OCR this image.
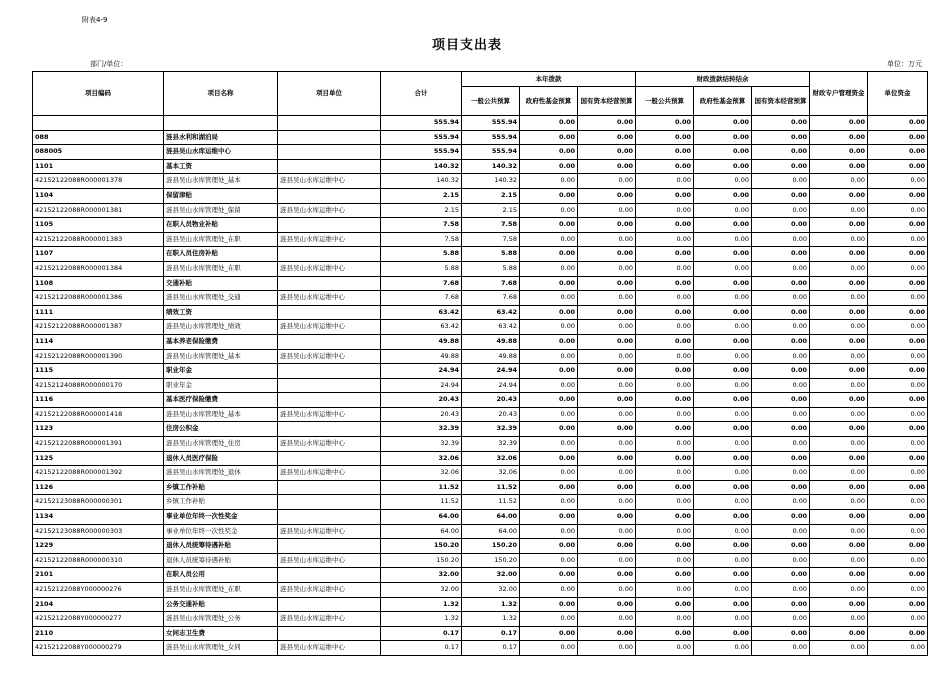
附表4-9
项目支出表
部门/单位：	单位：万元
项目编码	项目名称	项目单位	合计	本年拨款			财政拨款结转结余			财政专户管理资金	单位资金
				一般公共预算	政府性基金预算	国有资本经营预算	一般公共预算	政府性基金预算	国有资本经营预算		
			555.94	555.94	0.00	0.00	0.00	0.00	0.00	0.00	0.00
088	涟县水利和湖泊局		555.94	555.94	0.00	0.00	0.00	0.00	0.00	0.00	0.00
088005	涟县吴山水库运维中心		555.94	555.94	0.00	0.00	0.00	0.00	0.00	0.00	0.00
1101	基本工资		140.32	140.32	0.00	0.00	0.00	0.00	0.00	0.00	0.00
42152122088R000001378	涟县吴山水库管理处_基本	涟县吴山水库运维中心	140.32	140.32	0.00	0.00	0.00	0.00	0.00	0.00	0.00
1104	保留津贴		2.15	2.15	0.00	0.00	0.00	0.00	0.00	0.00	0.00
42152122088R000001381	涟县吴山水库管理处_保留	涟县吴山水库运维中心	2.15	2.15	0.00	0.00	0.00	0.00	0.00	0.00	0.00
1105	在职人员物业补贴		7.58	7.58	0.00	0.00	0.00	0.00	0.00	0.00	0.00
42152122088R000001383	涟县吴山水库管理处_在职	涟县吴山水库运维中心	7.58	7.58	0.00	0.00	0.00	0.00	0.00	0.00	0.00
1107	在职人员住房补贴		5.88	5.88	0.00	0.00	0.00	0.00	0.00	0.00	0.00
42152122088R000001384	涟县吴山水库管理处_在职	涟县吴山水库运维中心	5.88	5.88	0.00	0.00	0.00	0.00	0.00	0.00	0.00
1108	交通补贴		7.68	7.68	0.00	0.00	0.00	0.00	0.00	0.00	0.00
42152122088R000001386	涟县吴山水库管理处_交通	涟县吴山水库运维中心	7.68	7.68	0.00	0.00	0.00	0.00	0.00	0.00	0.00
1111	绩效工资		63.42	63.42	0.00	0.00	0.00	0.00	0.00	0.00	0.00
42152122088R000001387	涟县吴山水库管理处_绩效	涟县吴山水库运维中心	63.42	63.42	0.00	0.00	0.00	0.00	0.00	0.00	0.00
1114	基本养老保险缴费		49.88	49.88	0.00	0.00	0.00	0.00	0.00	0.00	0.00
42152122088R000001390	涟县吴山水库管理处_基本	涟县吴山水库运维中心	49.88	49.88	0.00	0.00	0.00	0.00	0.00	0.00	0.00
1115	职业年金		24.94	24.94	0.00	0.00	0.00	0.00	0.00	0.00	0.00
42152124088R000000170	职业年金		24.94	24.94	0.00	0.00	0.00	0.00	0.00	0.00	0.00
1116	基本医疗保险缴费		20.43	20.43	0.00	0.00	0.00	0.00	0.00	0.00	0.00
42152122088R000001418	涟县吴山水库管理处_基本	涟县吴山水库运维中心	20.43	20.43	0.00	0.00	0.00	0.00	0.00	0.00	0.00
1123	住房公积金		32.39	32.39	0.00	0.00	0.00	0.00	0.00	0.00	0.00
42152122088R000001391	涟县吴山水库管理处_住房	涟县吴山水库运维中心	32.39	32.39	0.00	0.00	0.00	0.00	0.00	0.00	0.00
1125	退休人员医疗保险		32.06	32.06	0.00	0.00	0.00	0.00	0.00	0.00	0.00
42152122088R000001392	涟县吴山水库管理处_退休	涟县吴山水库运维中心	32.06	32.06	0.00	0.00	0.00	0.00	0.00	0.00	0.00
1126	乡镇工作补贴		11.52	11.52	0.00	0.00	0.00	0.00	0.00	0.00	0.00
42152123088R000000301	乡镇工作补贴		11.52	11.52	0.00	0.00	0.00	0.00	0.00	0.00	0.00
1134	事业单位年终一次性奖金		64.00	64.00	0.00	0.00	0.00	0.00	0.00	0.00	0.00
42152123088R000000303	事业单位年终一次性奖金	涟县吴山水库运维中心	64.00	64.00	0.00	0.00	0.00	0.00	0.00	0.00	0.00
1229	退休人员统筹待遇补贴		150.20	150.20	0.00	0.00	0.00	0.00	0.00	0.00	0.00
42152122088R000000310	退休人员统筹待遇补贴	涟县吴山水库运维中心	150.20	150.20	0.00	0.00	0.00	0.00	0.00	0.00	0.00
2101	在职人员公用		32.00	32.00	0.00	0.00	0.00	0.00	0.00	0.00	0.00
42152122088Y000000276	涟县吴山水库管理处_在职	涟县吴山水库运维中心	32.00	32.00	0.00	0.00	0.00	0.00	0.00	0.00	0.00
2104	公务交通补贴		1.32	1.32	0.00	0.00	0.00	0.00	0.00	0.00	0.00
42152122088Y000000277	涟县吴山水库管理处_公务	涟县吴山水库运维中心	1.32	1.32	0.00	0.00	0.00	0.00	0.00	0.00	0.00
2110	女同志卫生费		0.17	0.17	0.00	0.00	0.00	0.00	0.00	0.00	0.00
42152122088Y000000279	涟县吴山水库管理处_女同	涟县吴山水库运维中心	0.17	0.17	0.00	0.00	0.00	0.00	0.00	0.00	0.00
